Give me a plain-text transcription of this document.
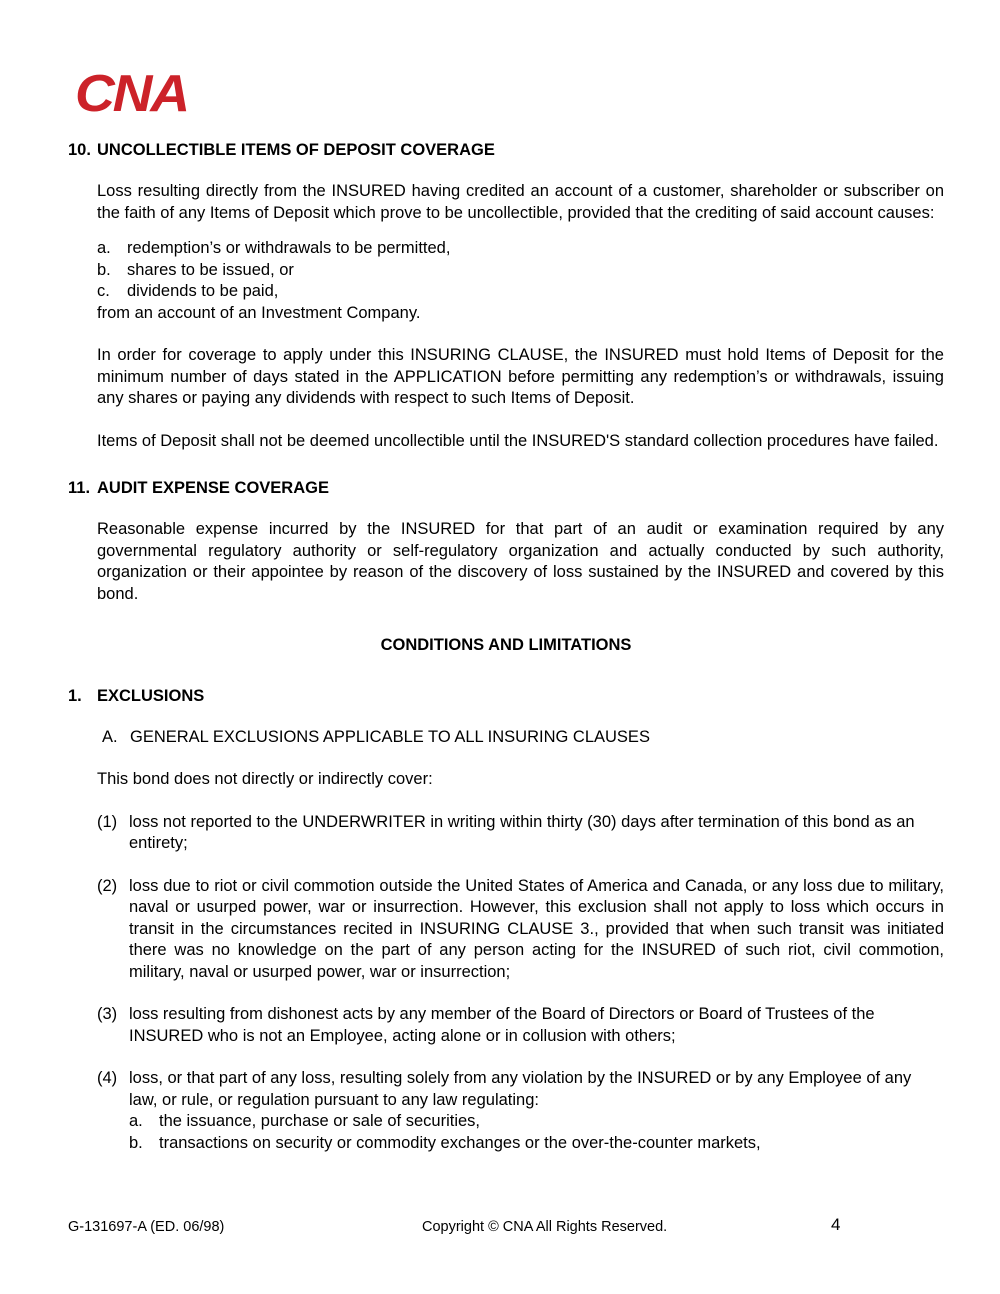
CNA
10. UNCOLLECTIBLE ITEMS OF DEPOSIT COVERAGE

Loss resulting directly from the INSURED having credited an account of a customer, shareholder or subscriber on the faith of any Items of Deposit which prove to be uncollectible, provided that the crediting of said account causes:

a. redemption’s or withdrawals to be permitted,
b. shares to be issued, or
c. dividends to be paid,

from an account of an Investment Company.

In order for coverage to apply under this INSURING CLAUSE, the INSURED must hold Items of Deposit for the minimum number of days stated in the APPLICATION before permitting any redemption’s or withdrawals, issuing any shares or paying any dividends with respect to such Items of Deposit.

Items of Deposit shall not be deemed uncollectible until the INSURED'S standard collection procedures have failed.

11. AUDIT EXPENSE COVERAGE

Reasonable expense incurred by the INSURED for that part of an audit or examination required by any governmental regulatory authority or self-regulatory organization and actually conducted by such authority, organization or their appointee by reason of the discovery of loss sustained by the INSURED and covered by this bond.

CONDITIONS AND LIMITATIONS
1. EXCLUSIONS
A. GENERAL EXCLUSIONS APPLICABLE TO ALL INSURING CLAUSES

This bond does not directly or indirectly cover:

(1) loss not reported to the UNDERWRITER in writing within thirty (30) days after termination of this bond as an entirety;
(2) loss due to riot or civil commotion outside the United States of America and Canada, or any loss due to military, naval or usurped power, war or insurrection. However, this exclusion shall not apply to loss which occurs in transit in the circumstances recited in INSURING CLAUSE 3., provided that when such transit was initiated there was no knowledge on the part of any person acting for the INSURED of such riot, civil commotion, military, naval or usurped power, war or insurrection;
(3) loss resulting from dishonest acts by any member of the Board of Directors or Board of Trustees of the INSURED who is not an Employee, acting alone or in collusion with others;
(4) loss, or that part of any loss, resulting solely from any violation by the INSURED or by any Employee of any law, or rule, or regulation pursuant to any law regulating:
a. the issuance, purchase or sale of securities,
b. transactions on security or commodity exchanges or the over-the-counter markets,
G-131697-A (ED. 06/98)	Copyright © CNA All Rights Reserved.	4
